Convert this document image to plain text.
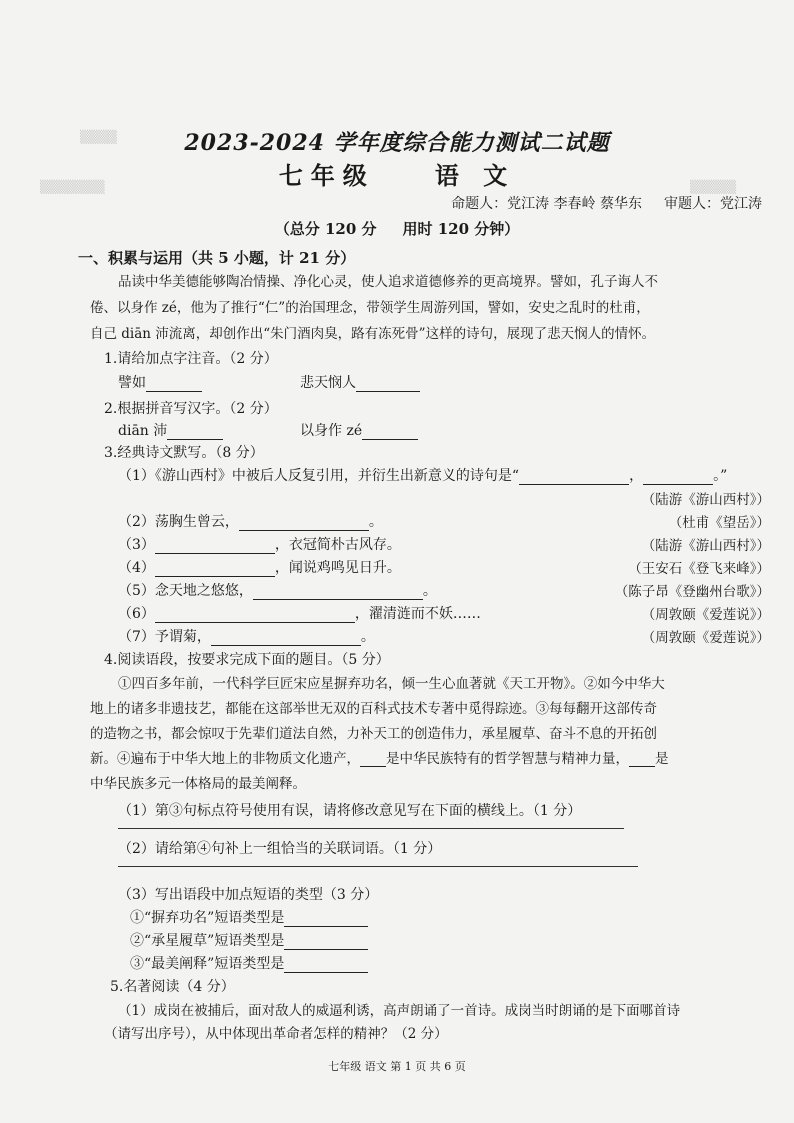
▒▒▒▒
▒▒▒▒▒▒▒	▒▒▒▒▒
2023-2024 学年度综合能力测试二试题
七年级	语 文
命题人：党江涛 李春岭 蔡华东 审题人：党江涛
（总分 120 分 用时 120 分钟）
一、积累与运用（共 5 小题，计 21 分）
品读中华美德能够陶冶情操、净化心灵，使人追求道德修养的更高境界。譬如，孔子诲人不
倦、以身作 zé，他为了推行“仁”的治国理念，带领学生周游列国，譬如，安史之乱时的杜甫，
自己 diān 沛流离，却创作出“朱门酒肉臭，路有冻死骨”这样的诗句，展现了悲天悯人的情怀。
1.请给加点字注音。（2 分）
譬如	悲天悯人
2.根据拼音写汉字。（2 分）
diān 沛	以身作 zé
3.经典诗文默写。（8 分）
（1）《游山西村》中被后人反复引用，并衍生出新意义的诗句是“	，	。”
（陆游《游山西村》）
（2）荡胸生曾云，	。	（杜甫《望岳》）
（3）	，衣冠简朴古风存。	（陆游《游山西村》）
（4）	，闻说鸡鸣见日升。	（王安石《登飞来峰》）
（5）念天地之悠悠，	。	（陈子昂《登幽州台歌》）
（6）	，濯清涟而不妖……	（周敦颐《爱莲说》）
（7）予谓菊，	。	（周敦颐《爱莲说》）
4.阅读语段，按要求完成下面的题目。（5 分）
①四百多年前，一代科学巨匠宋应星摒弃功名，倾一生心血著就《天工开物》。②如今中华大
地上的诸多非遗技艺，都能在这部举世无双的百科式技术专著中觅得踪迹。③每每翻开这部传奇
的造物之书，都会惊叹于先辈们道法自然，力补天工的创造伟力，承星履草、奋斗不息的开拓创
新。④遍布于中华大地上的非物质文化遗产， 是中华民族特有的哲学智慧与精神力量， 是
中华民族多元一体格局的最美阐释。
（1）第③句标点符号使用有误，请将修改意见写在下面的横线上。（1 分）
（2）请给第④句补上一组恰当的关联词语。（1 分）
（3）写出语段中加点短语的类型（3 分）
①“摒弃功名”短语类型是
②“承星履草”短语类型是
③“最美阐释”短语类型是
5.名著阅读（4 分）
（1）成岗在被捕后，面对敌人的威逼利诱，高声朗诵了一首诗。成岗当时朗诵的是下面哪首诗
（请写出序号），从中体现出革命者怎样的精神？（2 分）
七年级 语文 第 1 页 共 6 页
